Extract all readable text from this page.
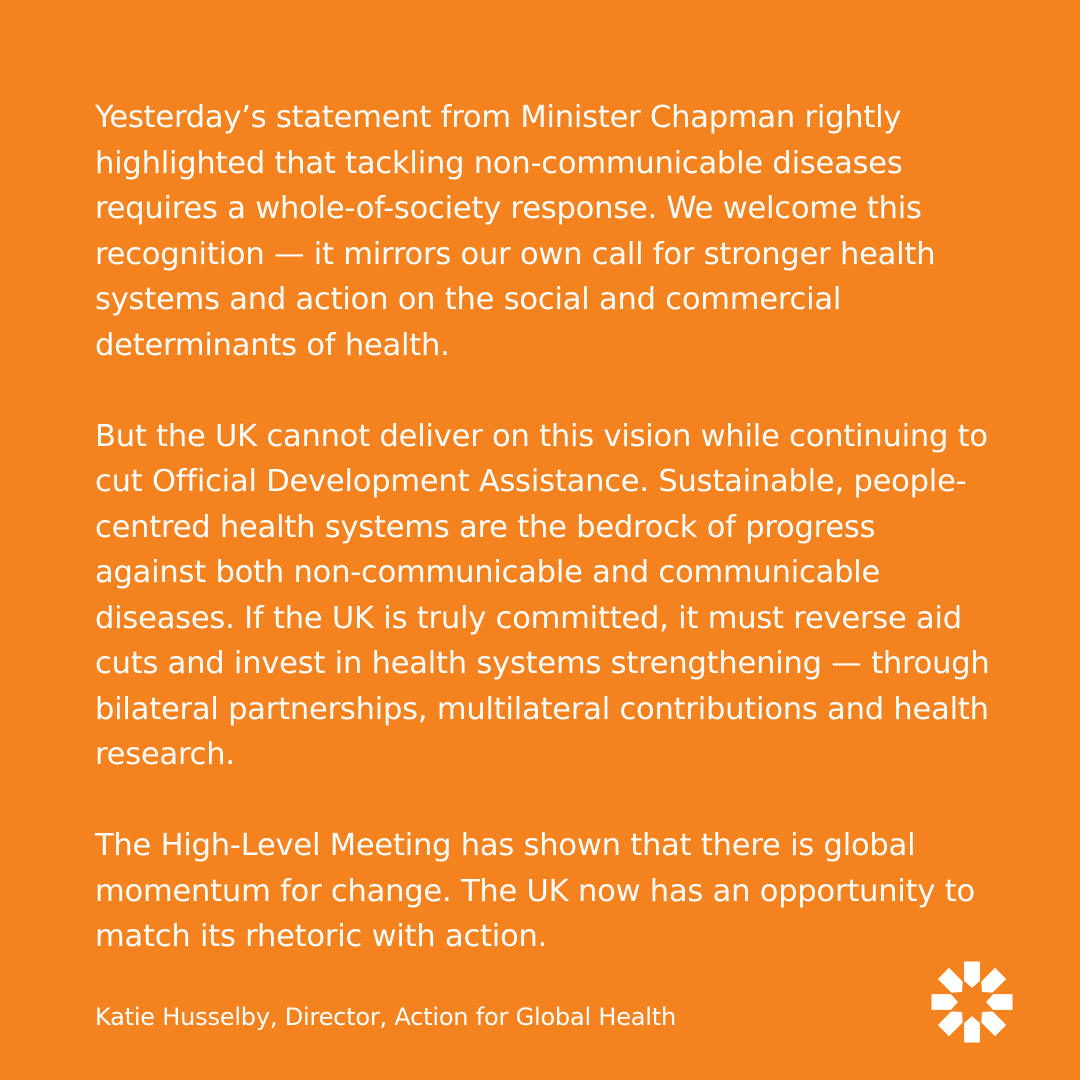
Yesterday’s statement from Minister Chapman rightly highlighted that tackling non-communicable diseases requires a whole-of-society response. We welcome this recognition — it mirrors our own call for stronger health systems and action on the social and commercial determinants of health.

But the UK cannot deliver on this vision while continuing to cut Official Development Assistance. Sustainable, people-centred health systems are the bedrock of progress against both non-communicable and communicable diseases. If the UK is truly committed, it must reverse aid cuts and invest in health systems strengthening — through bilateral partnerships, multilateral contributions and health research.

The High-Level Meeting has shown that there is global momentum for change. The UK now has an opportunity to match its rhetoric with action.

Katie Husselby, Director, Action for Global Health
